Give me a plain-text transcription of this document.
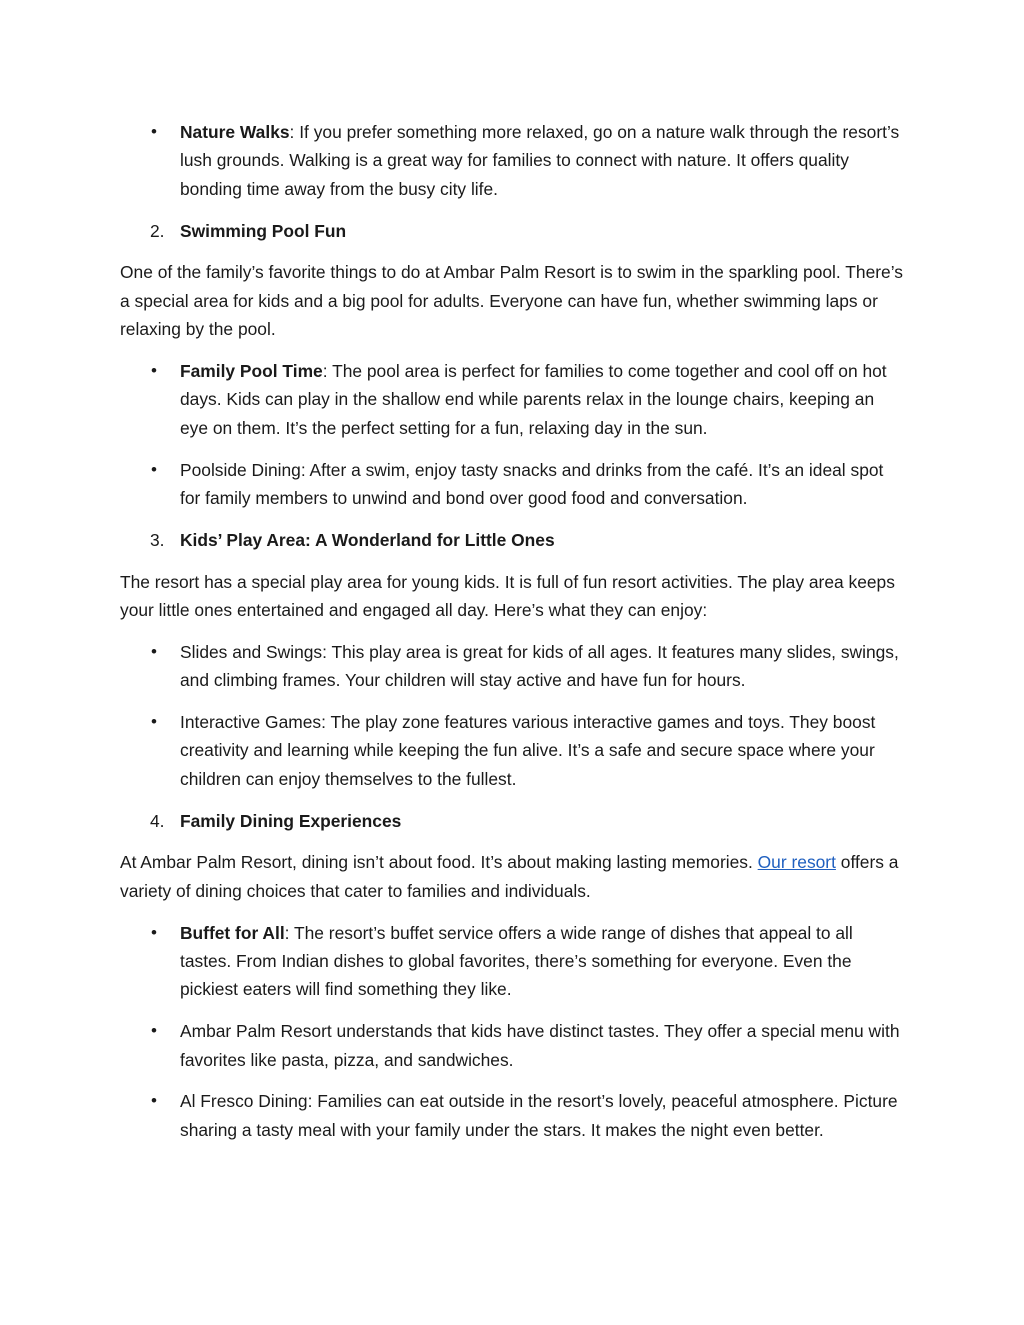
• Nature Walks: If you prefer something more relaxed, go on a nature walk through the resort’s lush grounds. Walking is a great way for families to connect with nature. It offers quality bonding time away from the busy city life.
2. Swimming Pool Fun

One of the family’s favorite things to do at Ambar Palm Resort is to swim in the sparkling pool. There’s a special area for kids and a big pool for adults. Everyone can have fun, whether swimming laps or relaxing by the pool.

• Family Pool Time: The pool area is perfect for families to come together and cool off on hot days. Kids can play in the shallow end while parents relax in the lounge chairs, keeping an eye on them. It’s the perfect setting for a fun, relaxing day in the sun.
• Poolside Dining: After a swim, enjoy tasty snacks and drinks from the café. It’s an ideal spot for family members to unwind and bond over good food and conversation.
3. Kids’ Play Area: A Wonderland for Little Ones

The resort has a special play area for young kids. It is full of fun resort activities. The play area keeps your little ones entertained and engaged all day. Here’s what they can enjoy:

• Slides and Swings: This play area is great for kids of all ages. It features many slides, swings, and climbing frames. Your children will stay active and have fun for hours.
• Interactive Games: The play zone features various interactive games and toys. They boost creativity and learning while keeping the fun alive. It’s a safe and secure space where your children can enjoy themselves to the fullest.
4. Family Dining Experiences

At Ambar Palm Resort, dining isn’t about food. It’s about making lasting memories. Our resort offers a variety of dining choices that cater to families and individuals.

• Buffet for All: The resort’s buffet service offers a wide range of dishes that appeal to all tastes. From Indian dishes to global favorites, there’s something for everyone. Even the pickiest eaters will find something they like.
• Ambar Palm Resort understands that kids have distinct tastes. They offer a special menu with favorites like pasta, pizza, and sandwiches.
• Al Fresco Dining: Families can eat outside in the resort’s lovely, peaceful atmosphere. Picture sharing a tasty meal with your family under the stars. It makes the night even better.
